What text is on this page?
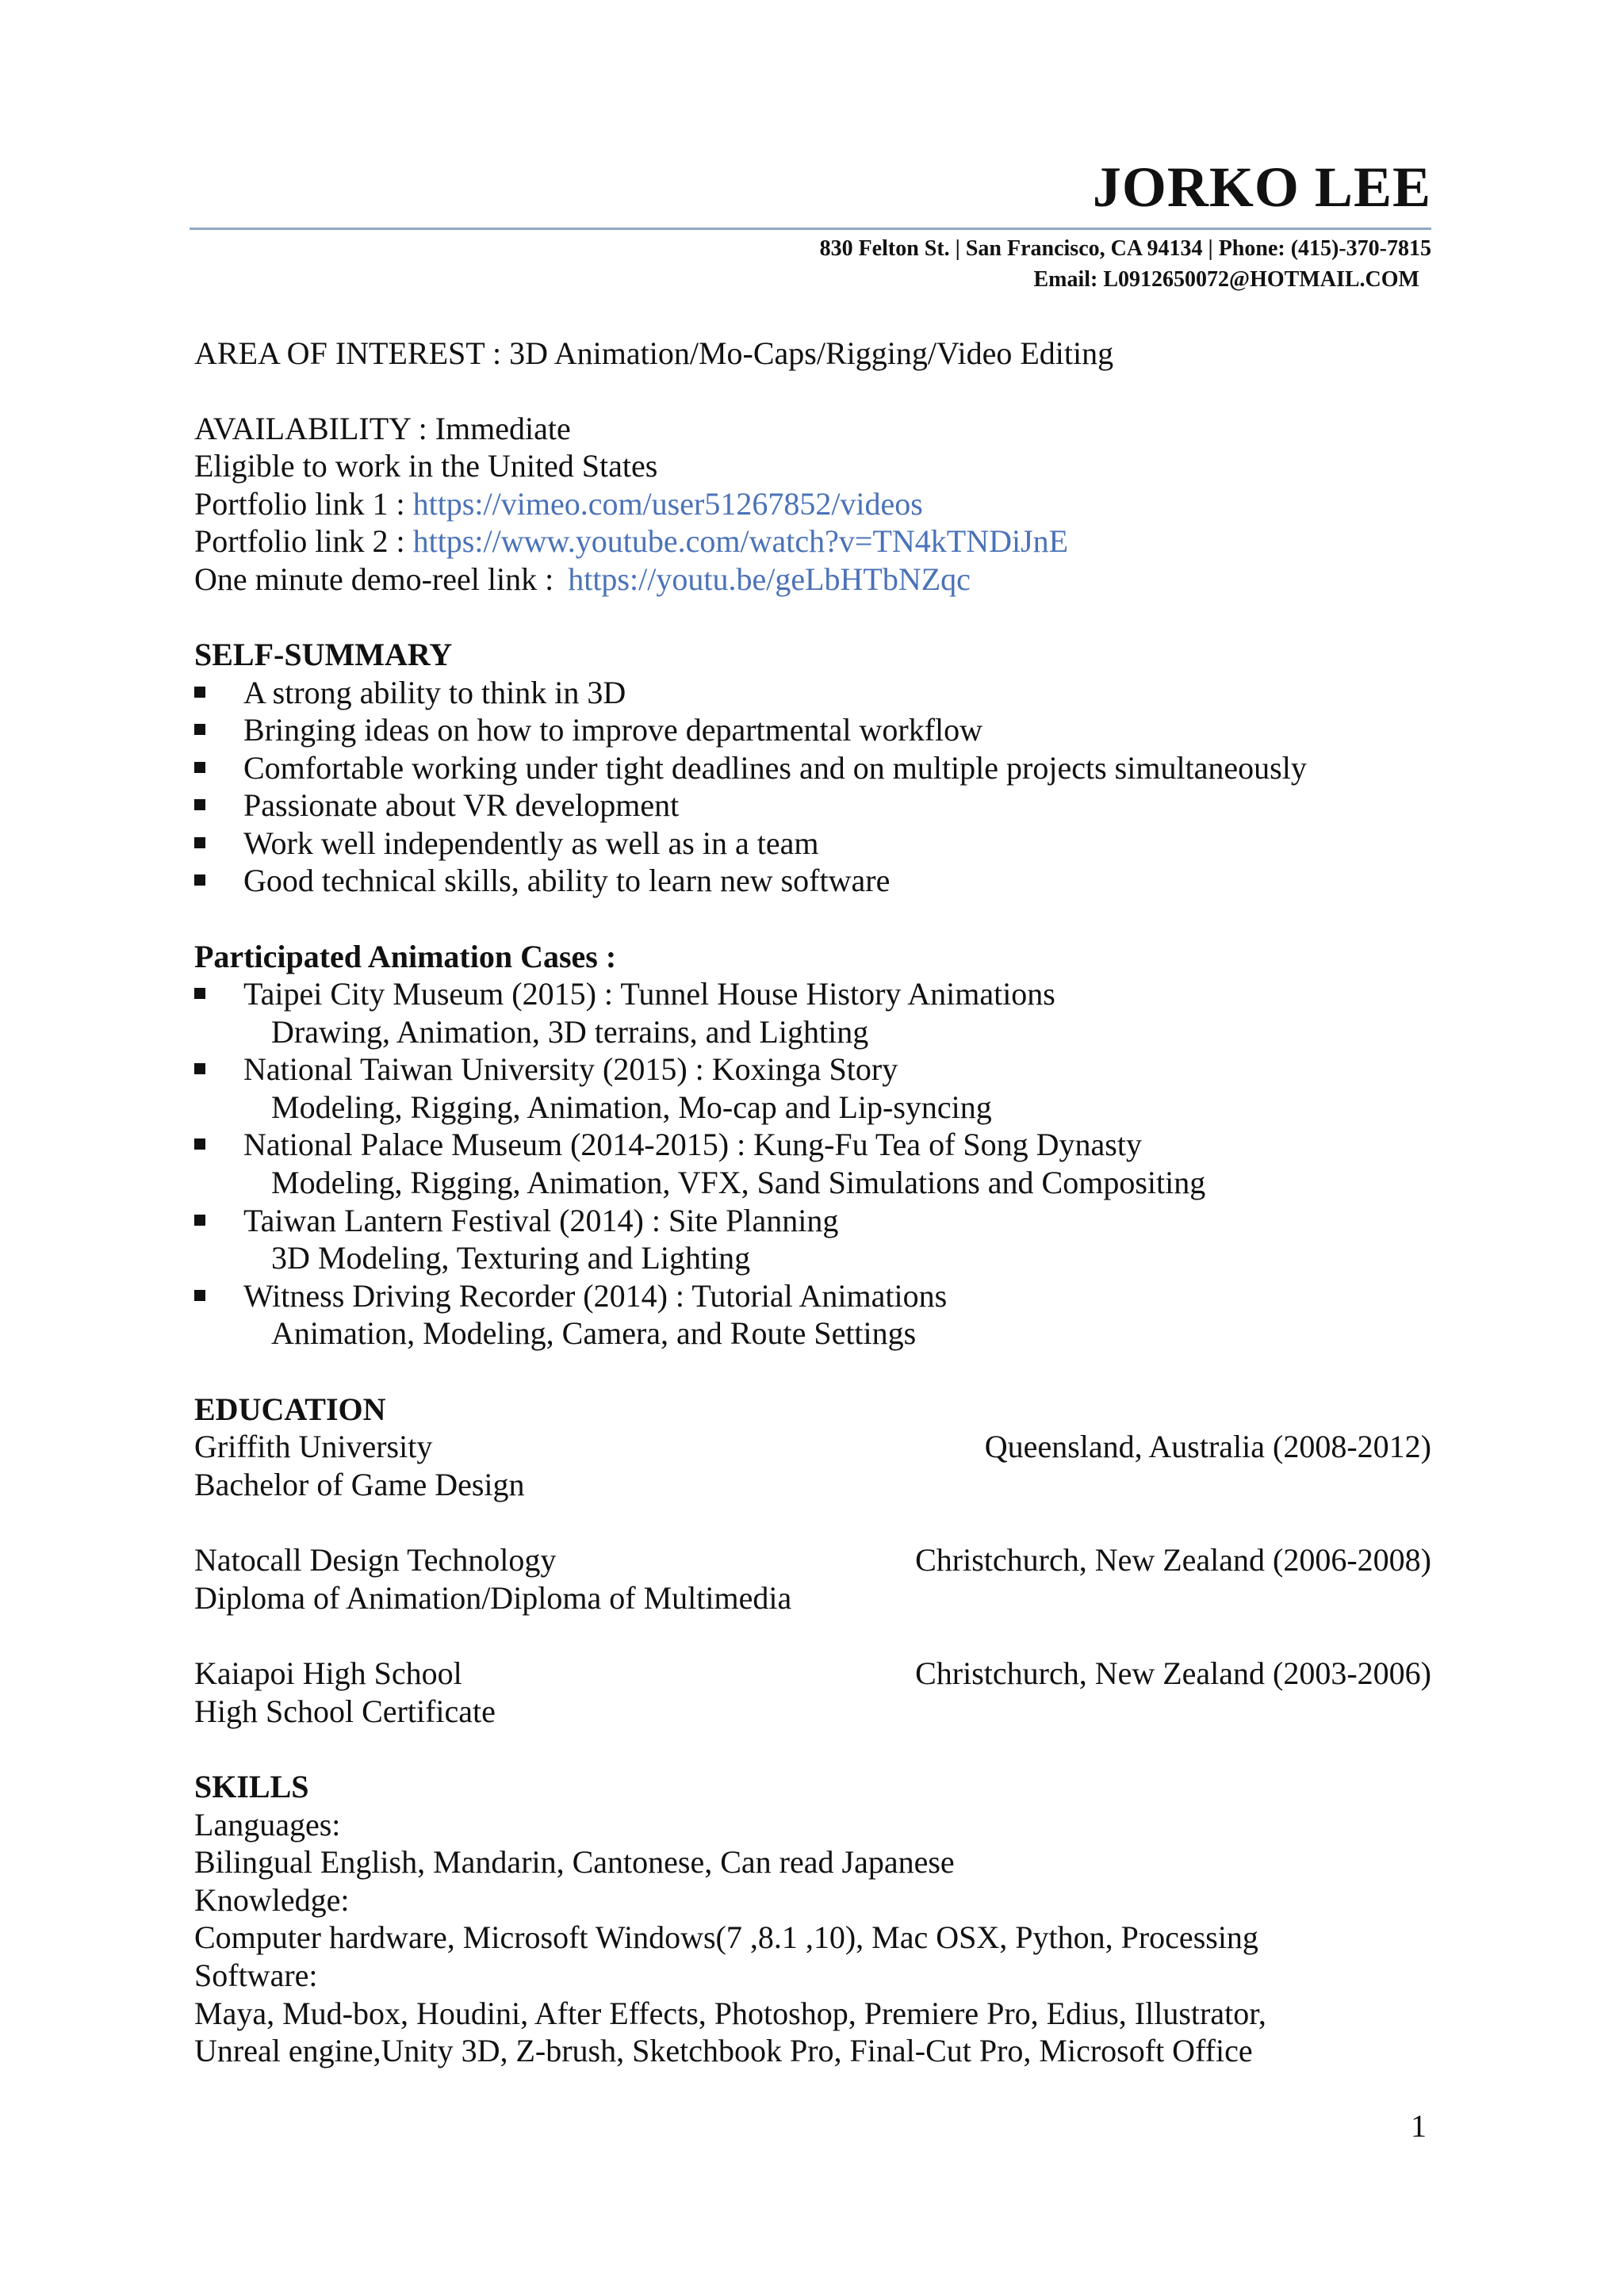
JORKO LEE
830 Felton St. | San Francisco, CA 94134 | Phone: (415)-370-7815
Email: L0912650072@HOTMAIL.COM
AREA OF INTEREST : 3D Animation/Mo-Caps/Rigging/Video Editing
AVAILABILITY : Immediate
Eligible to work in the United States
Portfolio link 1 : https://vimeo.com/user51267852/videos
Portfolio link 2 : https://www.youtube.com/watch?v=TN4kTNDiJnE
One minute demo-reel link : https://youtu.be/geLbHTbNZqc
SELF-SUMMARY
A strong ability to think in 3D
Bringing ideas on how to improve departmental workflow
Comfortable working under tight deadlines and on multiple projects simultaneously
Passionate about VR development
Work well independently as well as in a team
Good technical skills, ability to learn new software
Participated Animation Cases :
Taipei City Museum (2015) : Tunnel House History Animations
Drawing, Animation, 3D terrains, and Lighting
National Taiwan University (2015) : Koxinga Story
Modeling, Rigging, Animation, Mo-cap and Lip-syncing
National Palace Museum (2014-2015) : Kung-Fu Tea of Song Dynasty
Modeling, Rigging, Animation, VFX, Sand Simulations and Compositing
Taiwan Lantern Festival (2014) : Site Planning
3D Modeling, Texturing and Lighting
Witness Driving Recorder (2014) : Tutorial Animations
Animation, Modeling, Camera, and Route Settings
EDUCATION
Griffith University	Queensland, Australia (2008-2012)
Bachelor of Game Design
Natocall Design Technology	Christchurch, New Zealand (2006-2008)
Diploma of Animation/Diploma of Multimedia
Kaiapoi High School	Christchurch, New Zealand (2003-2006)
High School Certificate
SKILLS
Languages:
Bilingual English, Mandarin, Cantonese, Can read Japanese
Knowledge:
Computer hardware, Microsoft Windows(7 ,8.1 ,10), Mac OSX, Python, Processing
Software:
Maya, Mud-box, Houdini, After Effects, Photoshop, Premiere Pro, Edius, Illustrator,
Unreal engine,Unity 3D, Z-brush, Sketchbook Pro, Final-Cut Pro, Microsoft Office
1
